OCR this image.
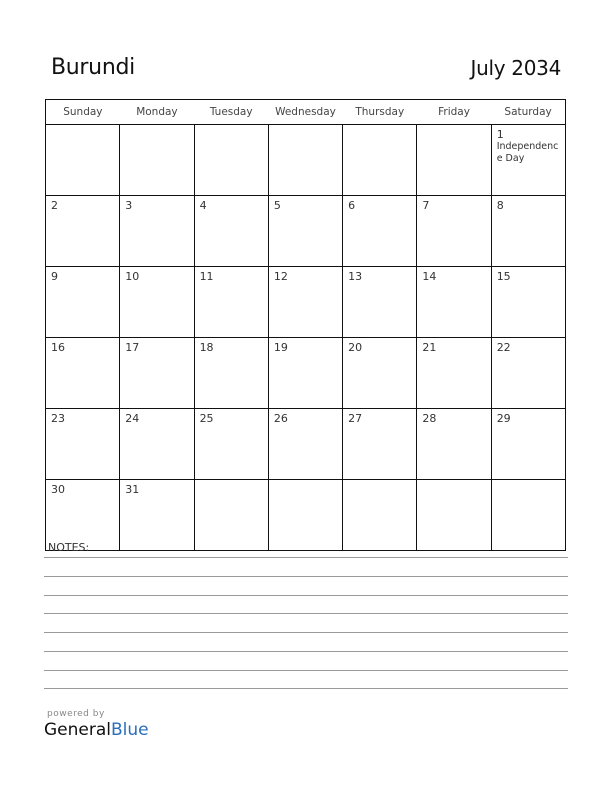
Burundi	July 2034
Sunday	Monday	Tuesday	Wednesday	Thursday	Friday	Saturday

						1
Independence Day

2	3	4	5	6	7	8

9	10	11	12	13	14	15

16	17	18	19	20	21	22

23	24	25	26	27	28	29

30	31					

NOTES:
powered by
GeneralBlue
